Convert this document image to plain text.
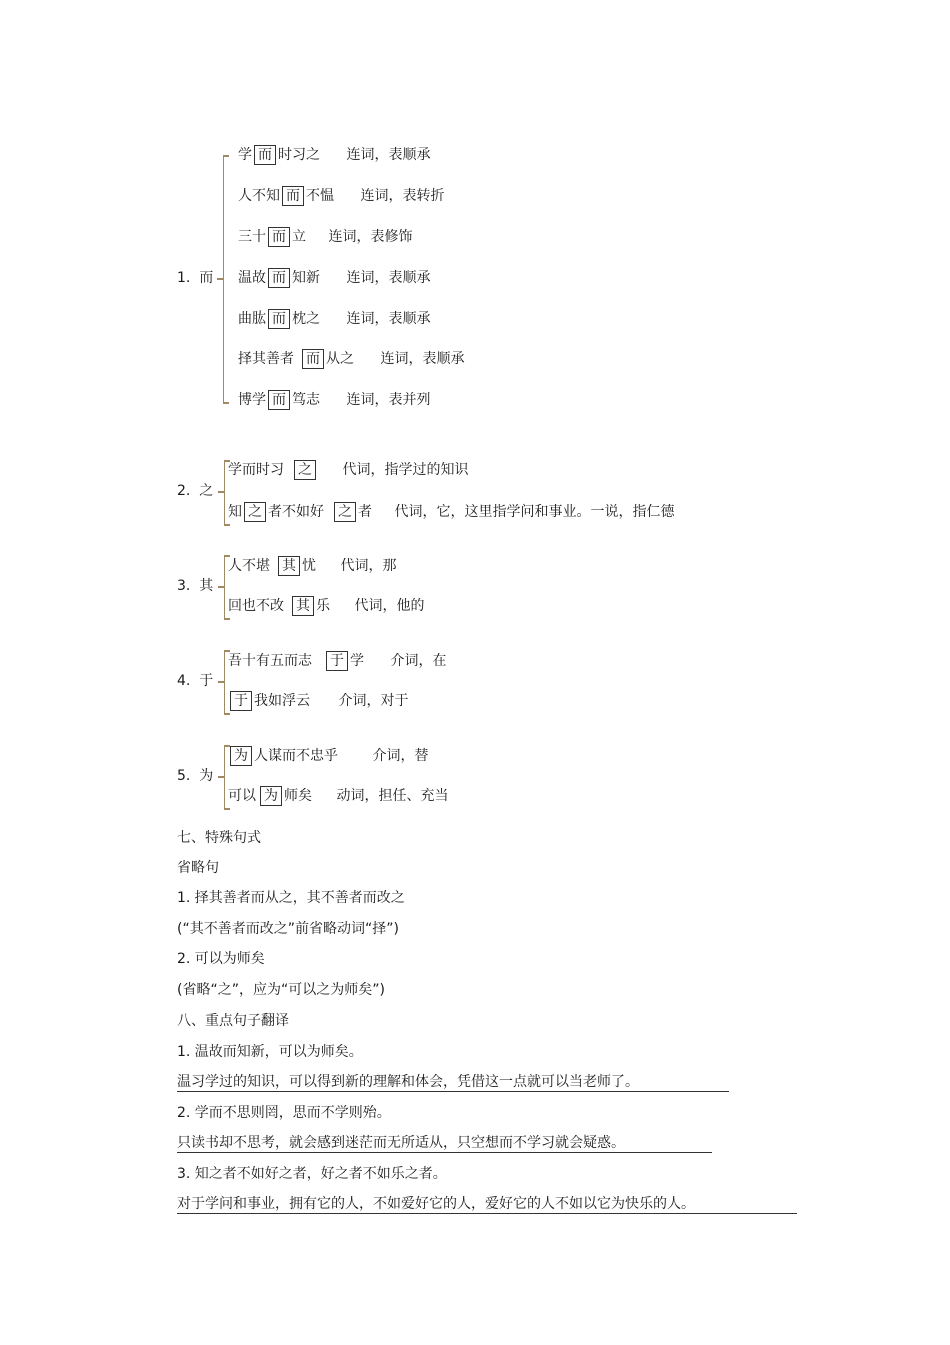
1. 而
学 而 时习之 连词，表顺承
人不知 而 不愠 连词，表转折
三十 而 立 连词，表修饰
温故 而 知新 连词，表顺承
曲肱 而 枕之 连词，表顺承
择其善者 而 从之 连词，表顺承
博学 而 笃志 连词，表并列
2. 之
学而时习 之 代词，指学过的知识
知 之 者不如好 之 者 代词，它，这里指学问和事业。一说，指仁德
3. 其
人不堪 其 忧 代词，那
回也不改 其 乐 代词，他的
4. 于
吾十有五而志 于 学 介词，在
于 我如浮云 介词，对于
5. 为
为 人谋而不忠乎 介词，替
可以 为 师矣 动词，担任、充当
七、特殊句式
省略句
1. 择其善者而从之，其不善者而改之
(“其不善者而改之”前省略动词“择”)
2. 可以为师矣
(省略“之”，应为“可以之为师矣”)
八、重点句子翻译
1. 温故而知新，可以为师矣。
温习学过的知识，可以得到新的理解和体会，凭借这一点就可以当老师了。
2. 学而不思则罔，思而不学则殆。
只读书却不思考，就会感到迷茫而无所适从，只空想而不学习就会疑惑。
3. 知之者不如好之者，好之者不如乐之者。
对于学问和事业，拥有它的人，不如爱好它的人，爱好它的人不如以它为快乐的人。
